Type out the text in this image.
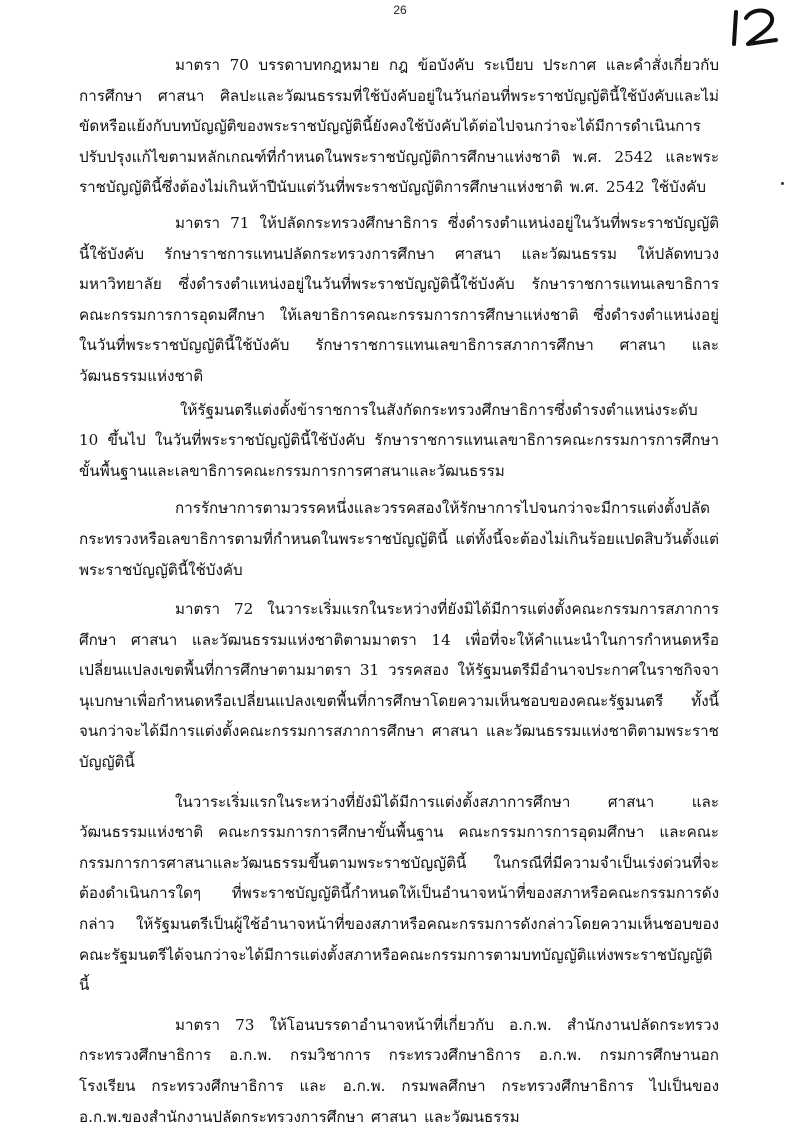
26

มาตรา 70 บรรดาบทกฎหมาย กฎ ข้อบังคับ ระเบียบ ประกาศ และคำสั่งเกี่ยวกับการศึกษา ศาสนา ศิลปะและวัฒนธรรมที่ใช้บังคับอยู่ในวันก่อนที่พระราชบัญญัตินี้ใช้บังคับและไม่ขัดหรือแย้งกับบทบัญญัติของพระราชบัญญัตินี้ยังคงใช้บังคับได้ต่อไปจนกว่าจะได้มีการดำเนินการปรับปรุงแก้ไขตามหลักเกณฑ์ที่กำหนดในพระราชบัญญัติการศึกษาแห่งชาติ พ.ศ. 2542 และพระราชบัญญัตินี้ซึ่งต้องไม่เกินห้าปีนับแต่วันที่พระราชบัญญัติการศึกษาแห่งชาติ พ.ศ. 2542 ใช้บังคับ

มาตรา 71 ให้ปลัดกระทรวงศึกษาธิการ ซึ่งดำรงตำแหน่งอยู่ในวันที่พระราชบัญญัตินี้ใช้บังคับ รักษาราชการแทนปลัดกระทรวงการศึกษา ศาสนา และวัฒนธรรม ให้ปลัดทบวงมหาวิทยาลัย ซึ่งดำรงตำแหน่งอยู่ในวันที่พระราชบัญญัตินี้ใช้บังคับ รักษาราชการแทนเลขาธิการคณะกรรมการการอุดมศึกษา ให้เลขาธิการคณะกรรมการการศึกษาแห่งชาติ ซึ่งดำรงตำแหน่งอยู่ในวันที่พระราชบัญญัตินี้ใช้บังคับ รักษาราชการแทนเลขาธิการสภาการศึกษา ศาสนา และวัฒนธรรมแห่งชาติ

ให้รัฐมนตรีแต่งตั้งข้าราชการในสังกัดกระทรวงศึกษาธิการซึ่งดำรงตำแหน่งระดับ 10 ขึ้นไป ในวันที่พระราชบัญญัตินี้ใช้บังคับ รักษาราชการแทนเลขาธิการคณะกรรมการการศึกษาขั้นพื้นฐานและเลขาธิการคณะกรรมการการศาสนาและวัฒนธรรม

การรักษาการตามวรรคหนึ่งและวรรคสองให้รักษาการไปจนกว่าจะมีการแต่งตั้งปลัดกระทรวงหรือเลขาธิการตามที่กำหนดในพระราชบัญญัตินี้ แต่ทั้งนี้จะต้องไม่เกินร้อยแปดสิบวันตั้งแต่พระราชบัญญัตินี้ใช้บังคับ

มาตรา 72 ในวาระเริ่มแรกในระหว่างที่ยังมิได้มีการแต่งตั้งคณะกรรมการสภาการศึกษา ศาสนา และวัฒนธรรมแห่งชาติตามมาตรา 14 เพื่อที่จะให้คำแนะนำในการกำหนดหรือเปลี่ยนแปลงเขตพื้นที่การศึกษาตามมาตรา 31 วรรคสอง ให้รัฐมนตรีมีอำนาจประกาศในราชกิจจานุเบกษาเพื่อกำหนดหรือเปลี่ยนแปลงเขตพื้นที่การศึกษาโดยความเห็นชอบของคณะรัฐมนตรี ทั้งนี้ จนกว่าจะได้มีการแต่งตั้งคณะกรรมการสภาการศึกษา ศาสนา และวัฒนธรรมแห่งชาติตามพระราชบัญญัตินี้

ในวาระเริ่มแรกในระหว่างที่ยังมิได้มีการแต่งตั้งสภาการศึกษา ศาสนา และวัฒนธรรมแห่งชาติ คณะกรรมการการศึกษาขั้นพื้นฐาน คณะกรรมการการอุดมศึกษา และคณะกรรมการการศาสนาและวัฒนธรรมขึ้นตามพระราชบัญญัตินี้ ในกรณีที่มีความจำเป็นเร่งด่วนที่จะต้องดำเนินการใดๆ ที่พระราชบัญญัตินี้กำหนดให้เป็นอำนาจหน้าที่ของสภาหรือคณะกรรมการดังกล่าว ให้รัฐมนตรีเป็นผู้ใช้อำนาจหน้าที่ของสภาหรือคณะกรรมการดังกล่าวโดยความเห็นชอบของคณะรัฐมนตรีได้จนกว่าจะได้มีการแต่งตั้งสภาหรือคณะกรรมการตามบทบัญญัติแห่งพระราชบัญญัตินี้

มาตรา 73 ให้โอนบรรดาอำนาจหน้าที่เกี่ยวกับ อ.ก.พ. สำนักงานปลัดกระทรวง กระทรวงศึกษาธิการ อ.ก.พ. กรมวิชาการ กระทรวงศึกษาธิการ อ.ก.พ. กรมการศึกษานอกโรงเรียน กระทรวงศึกษาธิการ และ อ.ก.พ. กรมพลศึกษา กระทรวงศึกษาธิการ ไปเป็นของ อ.ก.พ.ของสำนักงานปลัดกระทรวงการศึกษา ศาสนา และวัฒนธรรม
